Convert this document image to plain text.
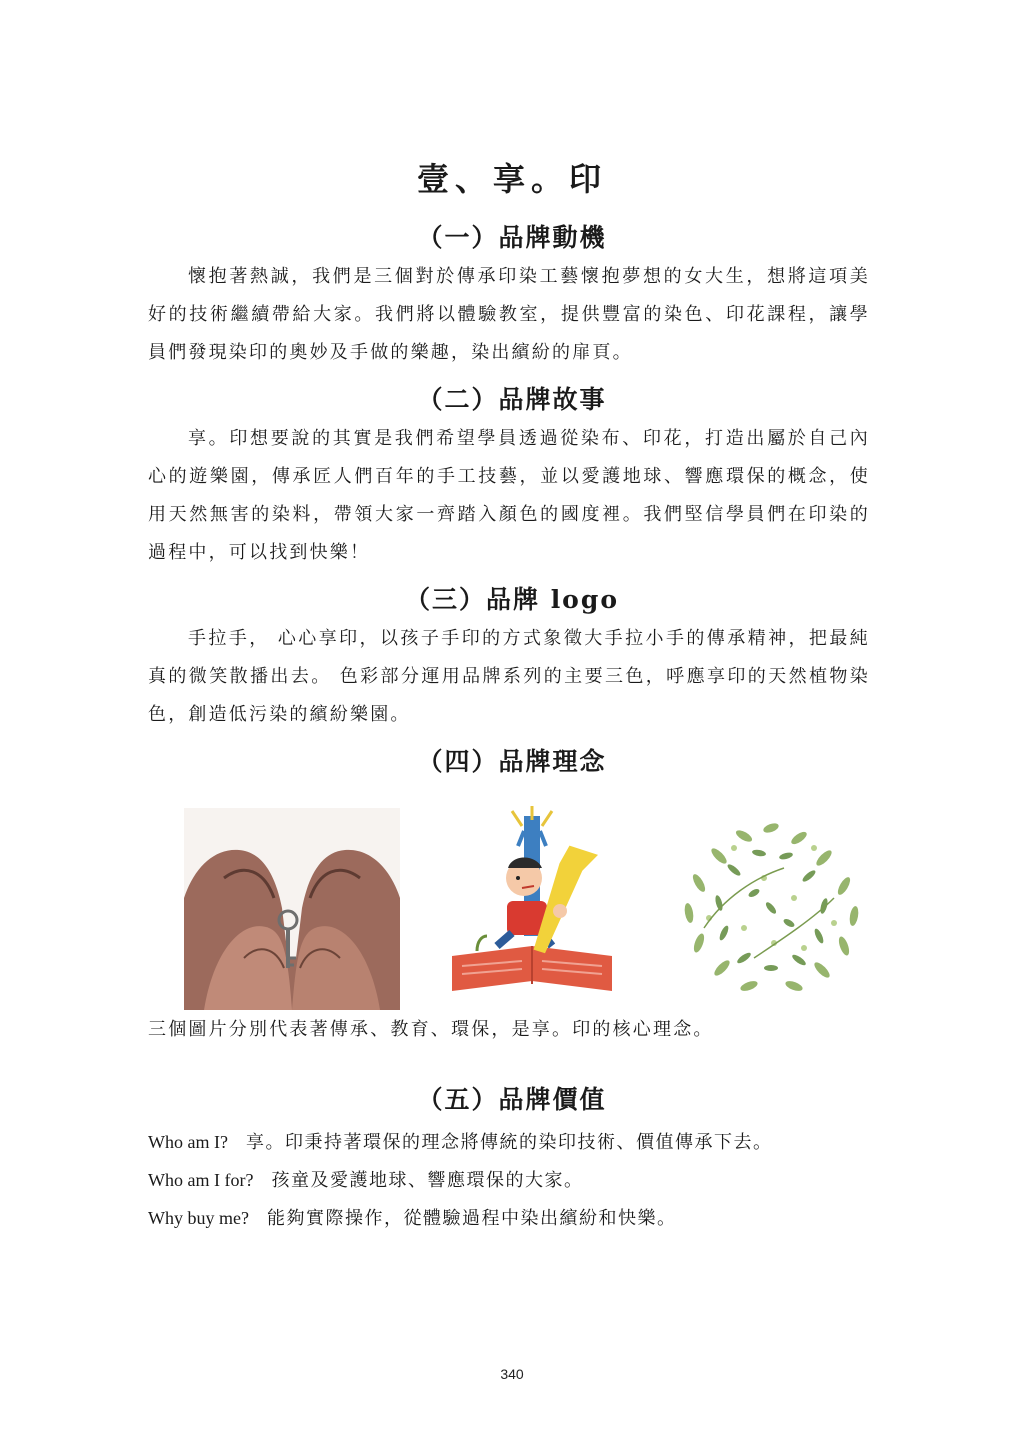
壹、享。印
（一）品牌動機
懷抱著熱誠，我們是三個對於傳承印染工藝懷抱夢想的女大生，想將這項美好的技術繼續帶給大家。我們將以體驗教室，提供豐富的染色、印花課程，讓學員們發現染印的奧妙及手做的樂趣，染出繽紛的扉頁。
（二）品牌故事
享。印想要說的其實是我們希望學員透過從染布、印花，打造出屬於自己內心的遊樂園，傳承匠人們百年的手工技藝，並以愛護地球、響應環保的概念，使用天然無害的染料，帶領大家一齊踏入顏色的國度裡。我們堅信學員們在印染的過程中，可以找到快樂！
（三）品牌 logo
手拉手， 心心享印，以孩子手印的方式象徵大手拉小手的傳承精神，把最純真的微笑散播出去。 色彩部分運用品牌系列的主要三色，呼應享印的天然植物染色，創造低污染的繽紛樂園。
（四）品牌理念
三個圖片分別代表著傳承、教育、環保，是享。印的核心理念。
（五）品牌價值
Who am I? 享。印秉持著環保的理念將傳統的染印技術、價值傳承下去。
Who am I for? 孩童及愛護地球、響應環保的大家。
Why buy me? 能夠實際操作，從體驗過程中染出繽紛和快樂。
340
